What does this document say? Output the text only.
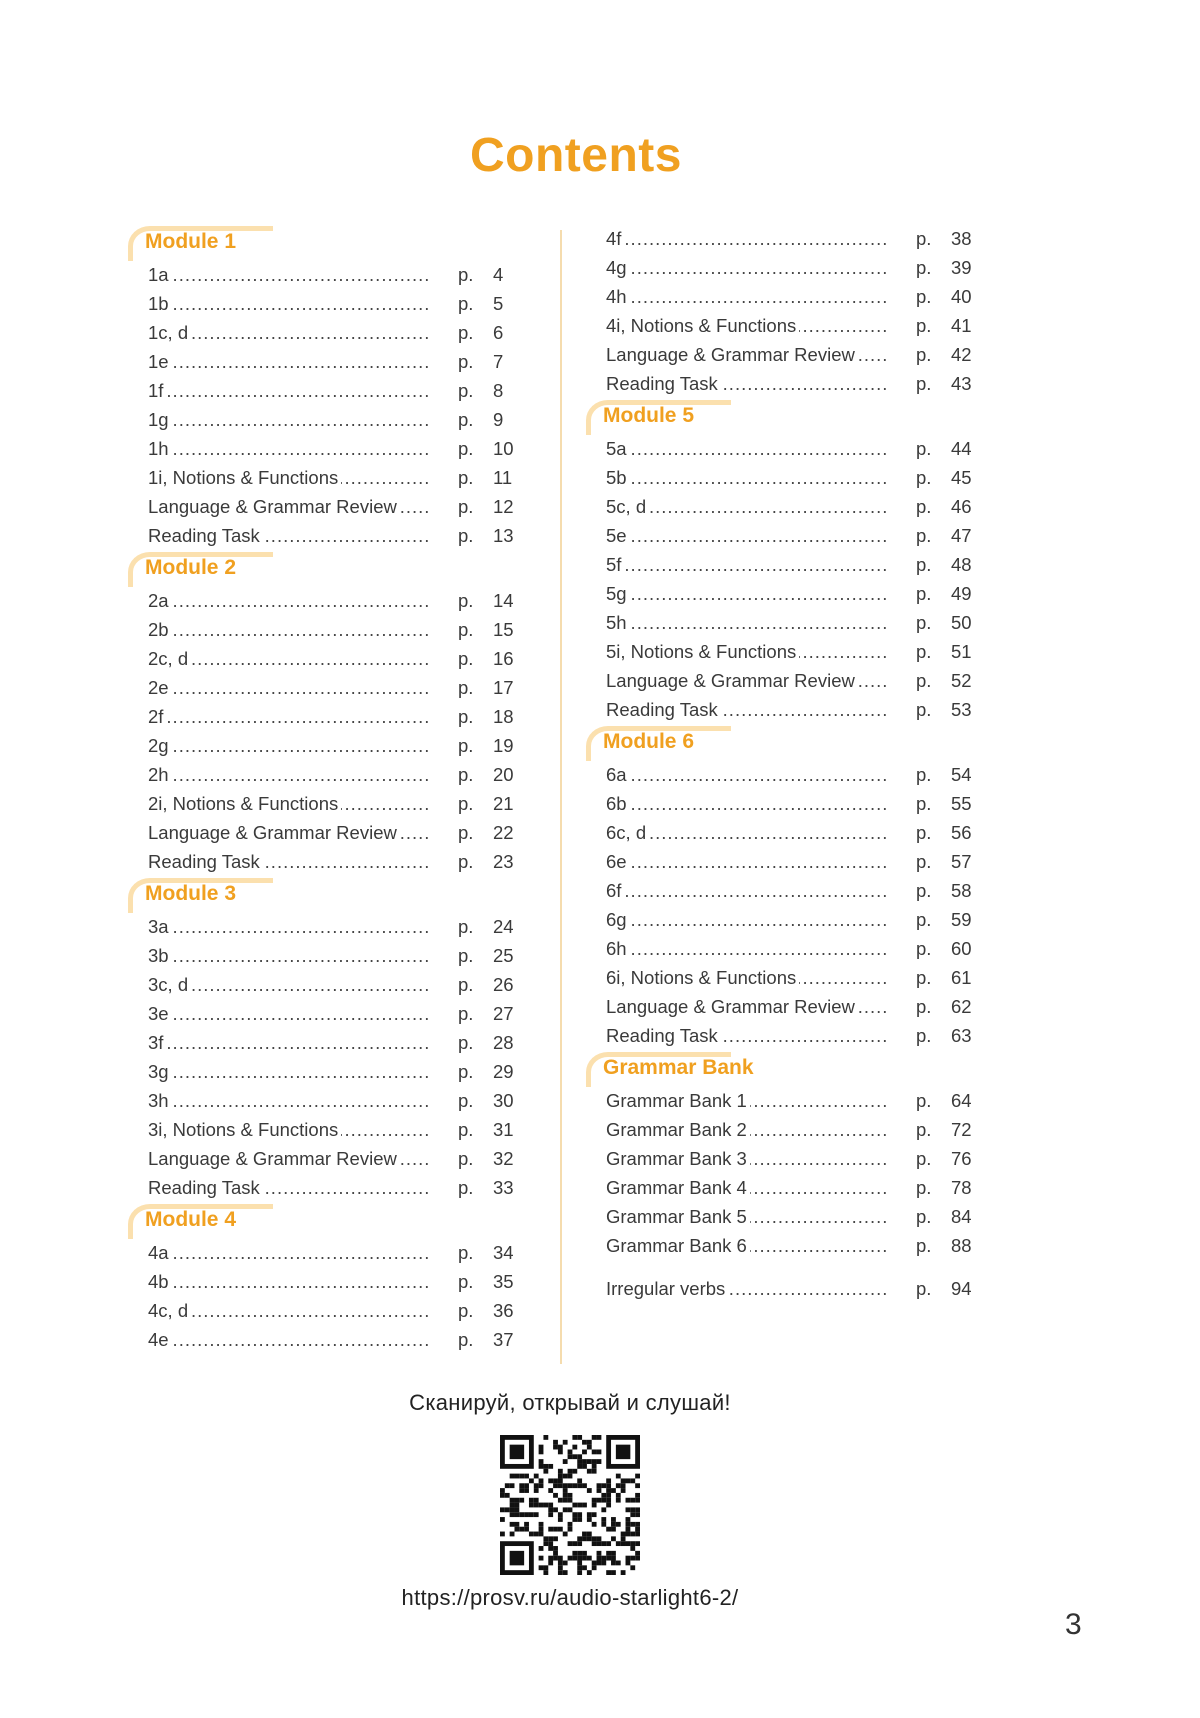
Contents
Module 1
1a .....	p. 4
1b .....	p. 5
1c, d .....	p. 6
1e .....	p. 7
1f .....	p. 8
1g .....	p. 9
1h .....	p. 10
1i, Notions & Functions .....	p. 11
Language & Grammar Review .....	p. 12
Reading Task .....	p. 13
Module 2
2a .....	p. 14
2b .....	p. 15
2c, d .....	p. 16
2e .....	p. 17
2f .....	p. 18
2g .....	p. 19
2h .....	p. 20
2i, Notions & Functions .....	p. 21
Language & Grammar Review .....	p. 22
Reading Task .....	p. 23
Module 3
3a .....	p. 24
3b .....	p. 25
3c, d .....	p. 26
3e .....	p. 27
3f .....	p. 28
3g .....	p. 29
3h .....	p. 30
3i, Notions & Functions .....	p. 31
Language & Grammar Review .....	p. 32
Reading Task .....	p. 33
Module 4
4a .....	p. 34
4b .....	p. 35
4c, d .....	p. 36
4e .....	p. 37
4f .....	p. 38
4g .....	p. 39
4h .....	p. 40
4i, Notions & Functions .....	p. 41
Language & Grammar Review .....	p. 42
Reading Task .....	p. 43
Module 5
5a .....	p. 44
5b .....	p. 45
5c, d .....	p. 46
5e .....	p. 47
5f .....	p. 48
5g .....	p. 49
5h .....	p. 50
5i, Notions & Functions .....	p. 51
Language & Grammar Review .....	p. 52
Reading Task .....	p. 53
Module 6
6a .....	p. 54
6b .....	p. 55
6c, d .....	p. 56
6e .....	p. 57
6f .....	p. 58
6g .....	p. 59
6h .....	p. 60
6i, Notions & Functions .....	p. 61
Language & Grammar Review .....	p. 62
Reading Task .....	p. 63
Grammar Bank
Grammar Bank 1 .....	p. 64
Grammar Bank 2 .....	p. 72
Grammar Bank 3 .....	p. 76
Grammar Bank 4 .....	p. 78
Grammar Bank 5 .....	p. 84
Grammar Bank 6 .....	p. 88
Irregular verbs .....	p. 94
Сканируй, открывай и слушай!
https://prosv.ru/audio-starlight6-2/
3
